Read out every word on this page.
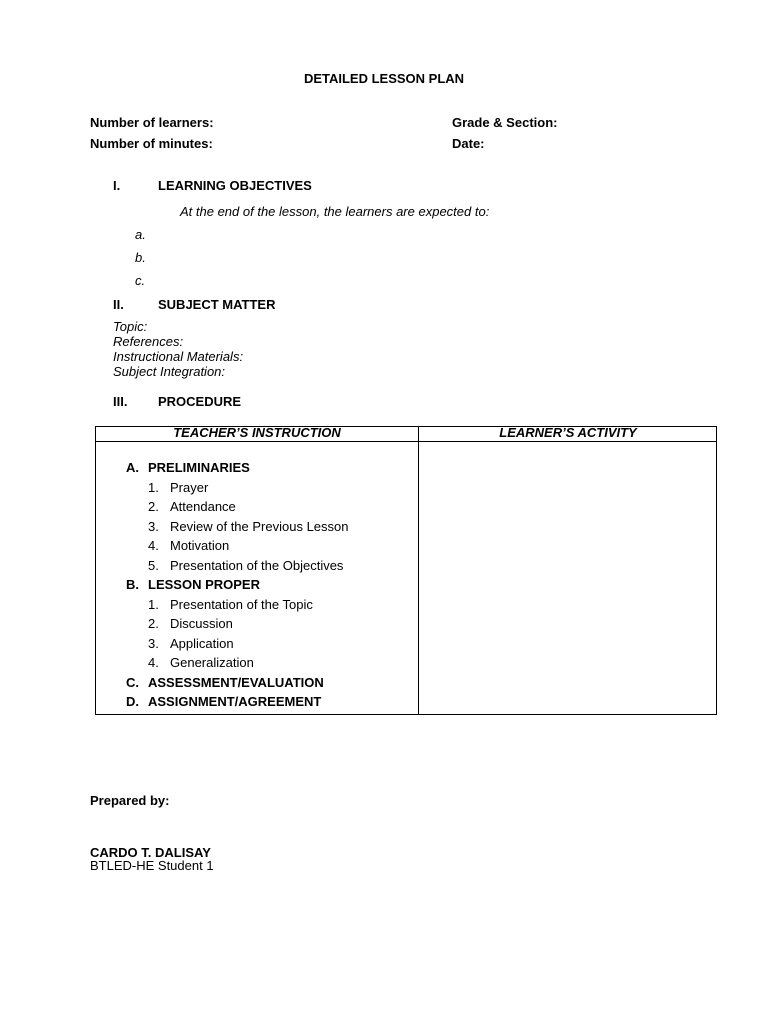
DETAILED LESSON PLAN
Number of learners:
Number of minutes:
Grade & Section:
Date:
I.	LEARNING OBJECTIVES
At the end of the lesson, the learners are expected to:
a.
b.
c.
II.	SUBJECT MATTER
Topic:
References:
Instructional Materials:
Subject Integration:
III. PROCEDURE
TEACHER’S INSTRUCTION	LEARNER’S ACTIVITY
A. PRELIMINARIES
1. Prayer
2. Attendance
3. Review of the Previous Lesson
4. Motivation
5. Presentation of the Objectives
B. LESSON PROPER
1. Presentation of the Topic
2. Discussion
3. Application
4. Generalization
C. ASSESSMENT/EVALUATION
D. ASSIGNMENT/AGREEMENT
Prepared by:
CARDO T. DALISAY
BTLED-HE Student 1
